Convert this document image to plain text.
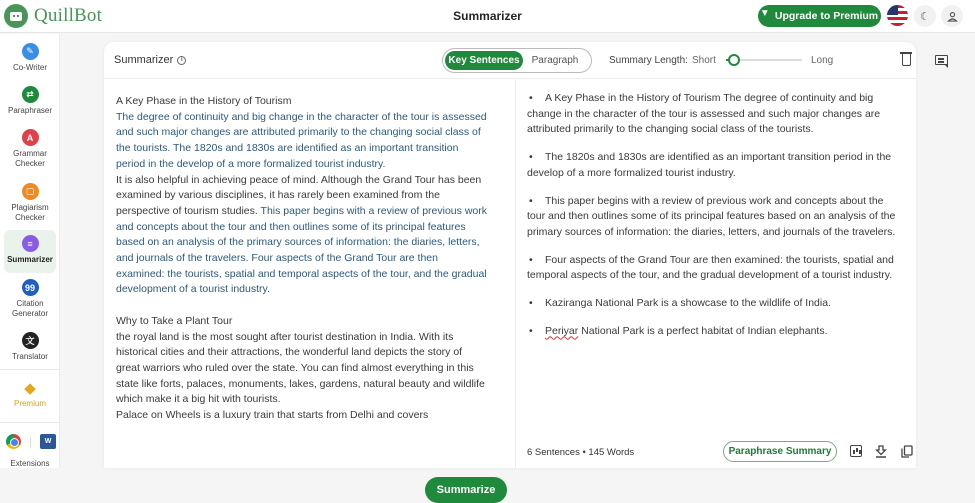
QuillBot	Summarizer ▼	Upgrade to Premium	☾
✎
Co-Writer
⇄
Paraphraser
A
Grammar Checker
▢
Plagiarism Checker
≡
Summarizer
99
Citation Generator
文
Translator
◆
Premium
W
Extensions
Summarizer	i	Key Sentences	Paragraph	Summary Length: Short	Long

A Key Phase in the History of Tourism

The degree of continuity and big change in the character of the tour is assessed and such major changes are attributed primarily to the changing social class of the tourists. The 1820s and 1830s are identified as an important transition period in the develop of a more formalized tourist industry.

It is also helpful in achieving peace of mind. Although the Grand Tour has been examined by various disciplines, it has rarely been examined from the perspective of tourism studies. This paper begins with a review of previous work and concepts about the tour and then outlines some of its principal features based on an analysis of the primary sources of information: the diaries, letters, and journals of the travelers. Four aspects of the Grand Tour are then examined: the tourists, spatial and temporal aspects of the tour, and the gradual development of a tourist industry.

Why to Take a Plant Tour

the royal land is the most sought after tourist destination in India. With its historical cities and their attractions, the wonderful land depicts the story of great warriors who ruled over the state. You can find almost everything in this state like forts, palaces, monuments, lakes, gardens, natural beauty and wildlife which make it a big hit with tourists.

Palace on Wheels is a luxury train that starts from Delhi and covers

Summarize
• A Key Phase in the History of Tourism The degree of continuity and big change in the character of the tour is assessed and such major changes are attributed primarily to the changing social class of the tourists.
• The 1820s and 1830s are identified as an important transition period in the develop of a more formalized tourist industry.
• This paper begins with a review of previous work and concepts about the tour and then outlines some of its principal features based on an analysis of the primary sources of information: the diaries, letters, and journals of the travelers.
• Four aspects of the Grand Tour are then examined: the tourists, spatial and temporal aspects of the tour, and the gradual development of a tourist industry.
• Kaziranga National Park is a showcase to the wildlife of India.
• Periyar National Park is a perfect habitat of Indian elephants.
6 Sentences • 145 Words	Paraphrase Summary
